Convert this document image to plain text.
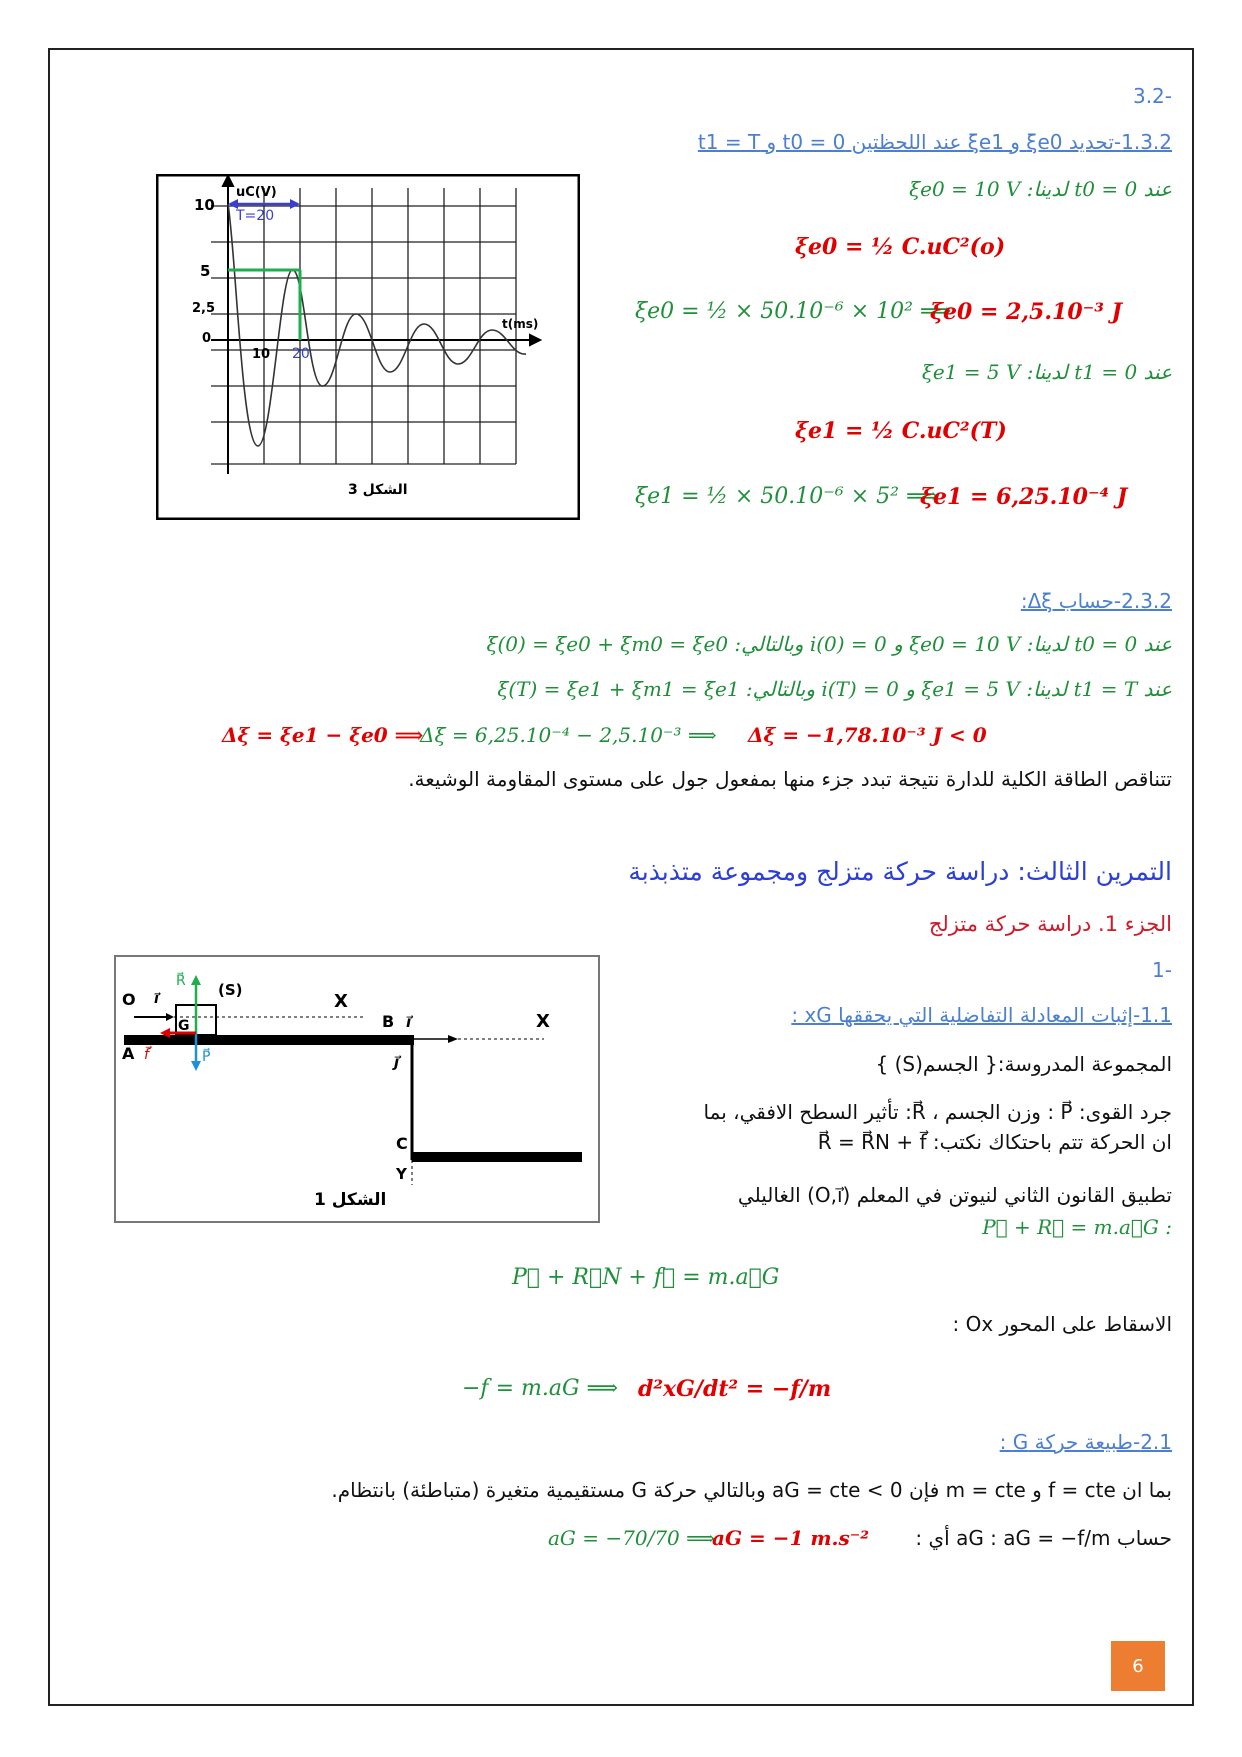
-3.2
1.3.2-تحديد ξe0 و ξe1 عند اللحظتين t0 = 0 و t1 = T
عند t0 = 0 لدينا: ξe0 = 10 V
ξe0 = ½ C.uC²(o)
ξe0 = ½ × 50.10⁻⁶ × 10² ⟹
ξe0 = 2,5.10⁻³ J
عند t1 = 0 لدينا: ξe1 = 5 V
ξe1 = ½ C.uC²(T)
ξe1 = ½ × 50.10⁻⁶ × 5² ⟹
ξe1 = 6,25.10⁻⁴ J
uC(V)
T=20
10
5
2,5
0
10 20
t(ms)
الشكل 3
2.3.2-حساب Δξ:
عند t0 = 0 لدينا: ξe0 = 10 V و i(0) = 0 وبالتالي: ξ(0) = ξe0 + ξm0 = ξe0
عند t1 = T لدينا: ξe1 = 5 V و i(T) = 0 وبالتالي: ξ(T) = ξe1 + ξm1 = ξe1
Δξ = ξe1 − ξe0 ⟹
Δξ = 6,25.10⁻⁴ − 2,5.10⁻³ ⟹ Δξ = −1,78.10⁻³ J < 0
تتناقص الطاقة الكلية للدارة نتيجة تبدد جزء منها بمفعول جول على مستوى المقاومة الوشيعة.
التمرين الثالث: دراسة حركة متزلج ومجموعة متذبذبة
الجزء 1. دراسة حركة متزلج
-1
1.1-إثبات المعادلة التفاضلية التي يحققها xG :
المجموعة المدروسة:{ الجسم(S) }
جرد القوى: P⃗ : وزن الجسم ، R⃗: تأثير السطح الافقي، بما
ان الحركة تتم باحتكاك نكتب: R⃗ = R⃗N + f⃗
تطبيق القانون الثاني لنيوتن في المعلم (O,i⃗) الغاليلي
: P⃗ + R⃗ = m.a⃗G
P⃗ + R⃗N + f⃗ = m.a⃗G
الاسقاط على المحور Ox :
−f = m.aG ⟹ d²xG/dt² = −f/m
2.1-طبيعة حركة G :
بما ان f = cte و m = cte فإن aG = cte < 0 وبالتالي حركة G مستقيمية متغيرة (متباطئة) بانتظام.
حساب aG : aG = −f/m أي :
aG = −70/70 ⟹
aG = −1 m.s⁻²
O i⃗
R⃗ (S)
G
X
B i⃗	X
A f⃗	P⃗	j⃗
C
Y
الشكل 1
6
